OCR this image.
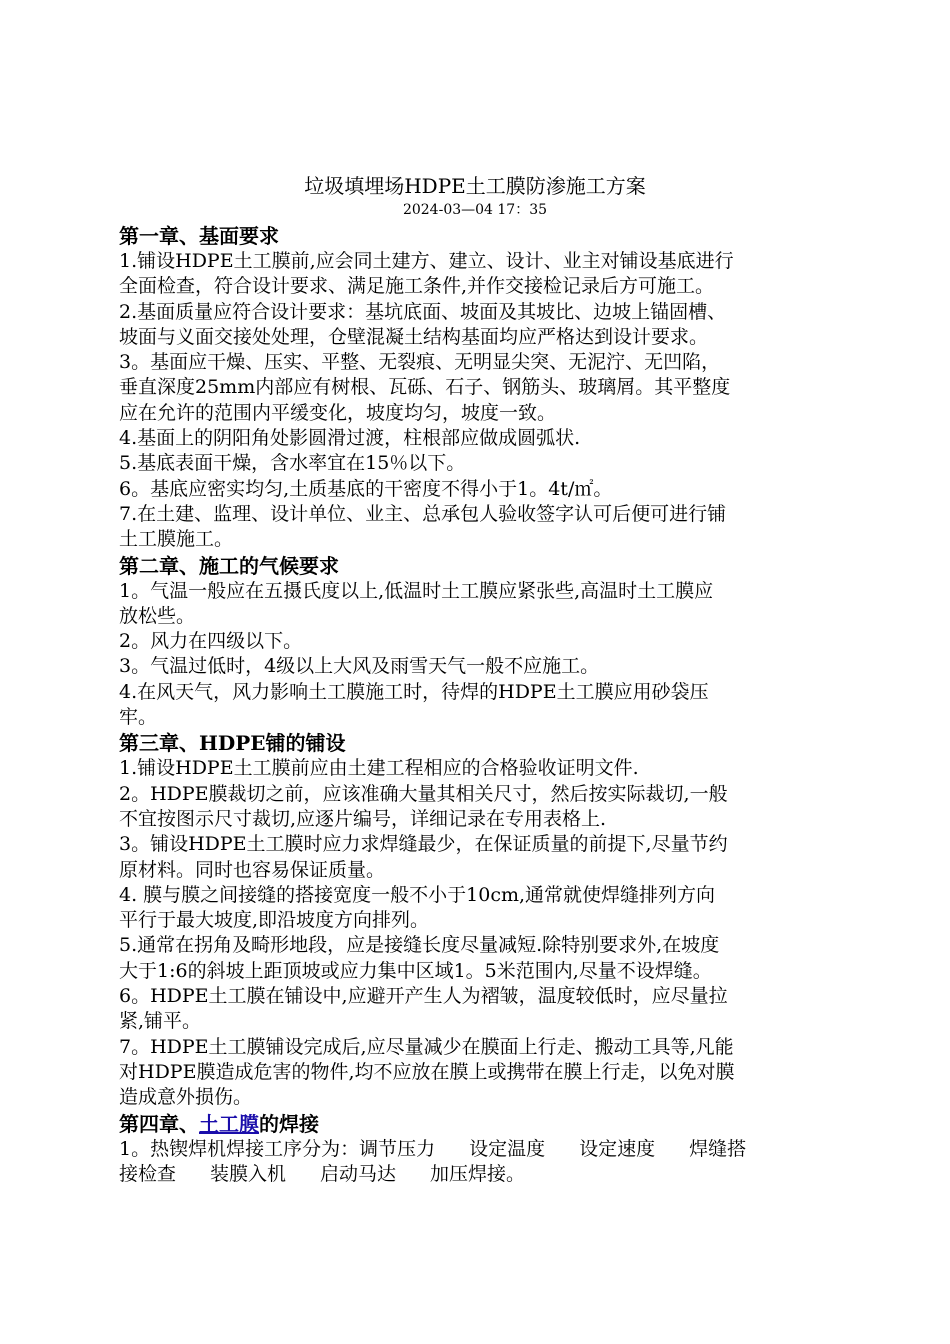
垃圾填埋场HDPE土工膜防渗施工方案
2024-03—04 17：35
第一章、基面要求
1.铺设HDPE土工膜前,应会同土建方、建立、设计、业主对铺设基底进行
全面检查，符合设计要求、满足施工条件,并作交接检记录后方可施工。
2.基面质量应符合设计要求：基坑底面、坡面及其坡比、边坡上锚固槽、
坡面与义面交接处处理，仓壁混凝土结构基面均应严格达到设计要求。
3。基面应干燥、压实、平整、无裂痕、无明显尖突、无泥泞、无凹陷，
垂直深度25mm内部应有树根、瓦砾、石子、钢筋头、玻璃屑。其平整度
应在允许的范围内平缓变化，坡度均匀，坡度一致。
4.基面上的阴阳角处影圆滑过渡，柱根部应做成圆弧状.
5.基底表面干燥，含水率宜在15％以下。
6。基底应密实均匀,土质基底的干密度不得小于1。4t/㎡。
7.在土建、监理、设计单位、业主、总承包人验收签字认可后便可进行铺
土工膜施工。
第二章、施工的气候要求
1。气温一般应在五摄氏度以上,低温时土工膜应紧张些,高温时土工膜应
放松些。
2。风力在四级以下。
3。气温过低时，4级以上大风及雨雪天气一般不应施工。
4.在风天气，风力影响土工膜施工时，待焊的HDPE土工膜应用砂袋压
牢。
第三章、HDPE铺的铺设
1.铺设HDPE土工膜前应由土建工程相应的合格验收证明文件.
2。HDPE膜裁切之前，应该准确大量其相关尺寸，然后按实际裁切,一般
不宜按图示尺寸裁切,应逐片编号，详细记录在专用表格上.
3。铺设HDPE土工膜时应力求焊缝最少，在保证质量的前提下,尽量节约
原材料。同时也容易保证质量。
4. 膜与膜之间接缝的搭接宽度一般不小于10cm,通常就使焊缝排列方向
平行于最大坡度,即沿坡度方向排列。
5.通常在拐角及畸形地段，应是接缝长度尽量减短.除特别要求外,在坡度
大于1:6的斜坡上距顶坡或应力集中区域1。5米范围内,尽量不设焊缝。
6。HDPE土工膜在铺设中,应避开产生人为褶皱，温度较低时，应尽量拉
紧,铺平。
7。HDPE土工膜铺设完成后,应尽量减少在膜面上行走、搬动工具等,凡能
对HDPE膜造成危害的物件,均不应放在膜上或携带在膜上行走，以免对膜
造成意外损伤。
第四章、土工膜的焊接
1。热锲焊机焊接工序分为：调节压力 设定温度 设定速度 焊缝搭
接检查 装膜入机 启动马达 加压焊接。
